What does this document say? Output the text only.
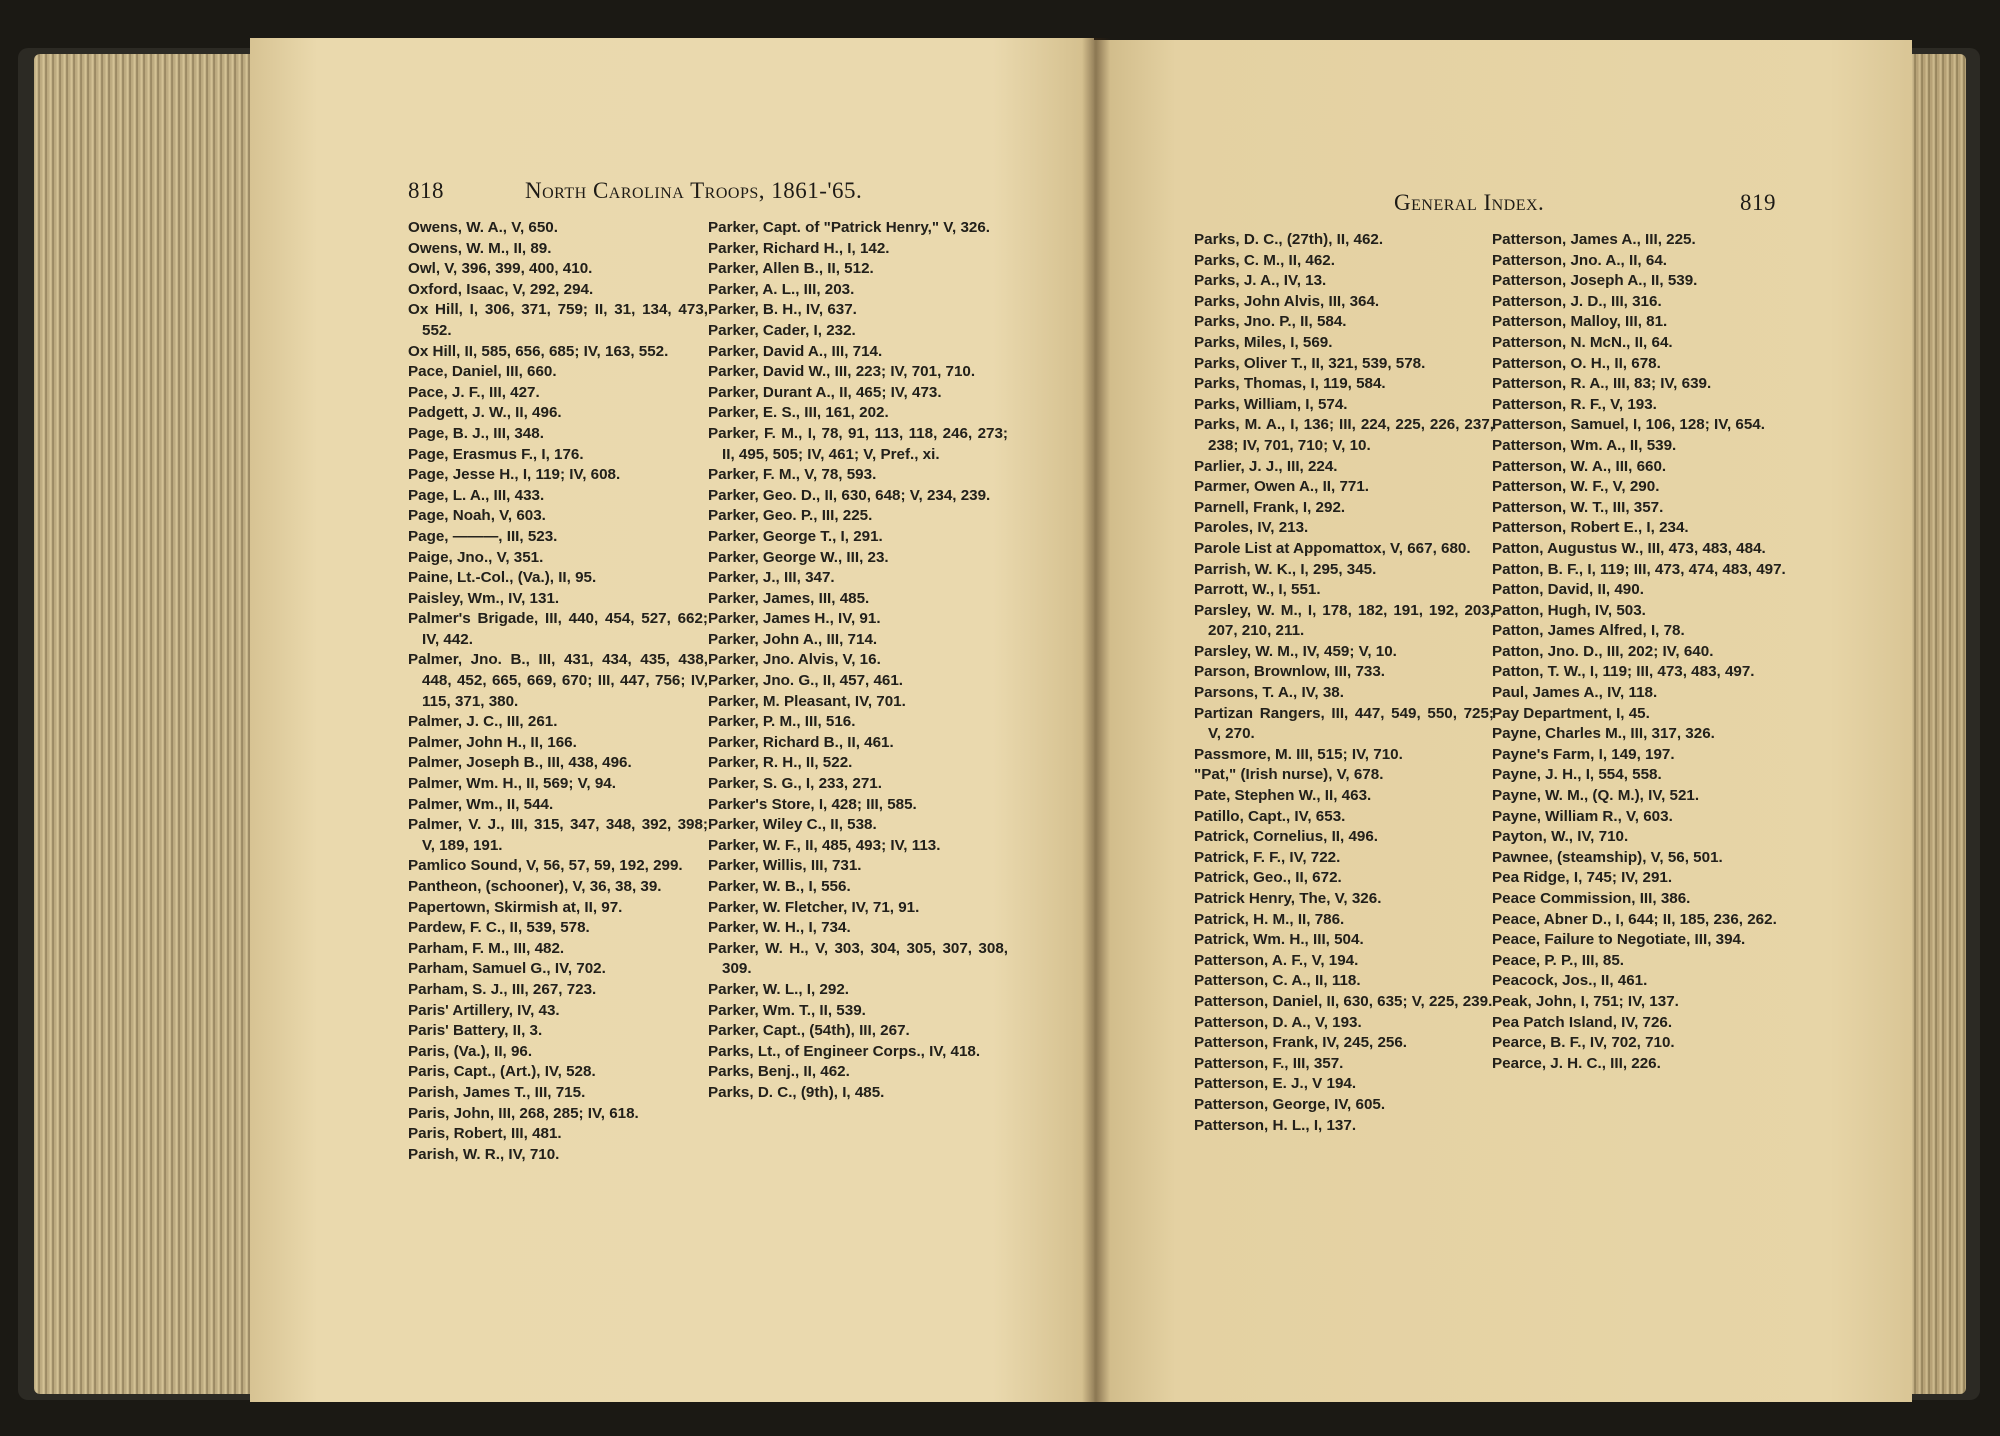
818	North Carolina Troops, 1861-'65.

Owens, W. A., V, 650.

Owens, W. M., II, 89.

Owl, V, 396, 399, 400, 410.

Oxford, Isaac, V, 292, 294.

Ox Hill, I, 306, 371, 759; II, 31, 134, 473, 552.

Ox Hill, II, 585, 656, 685; IV, 163, 552.

Pace, Daniel, III, 660.

Pace, J. F., III, 427.

Padgett, J. W., II, 496.

Page, B. J., III, 348.

Page, Erasmus F., I, 176.

Page, Jesse H., I, 119; IV, 608.

Page, L. A., III, 433.

Page, Noah, V, 603.

Page, ———, III, 523.

Paige, Jno., V, 351.

Paine, Lt.-Col., (Va.), II, 95.

Paisley, Wm., IV, 131.

Palmer's Brigade, III, 440, 454, 527, 662; IV, 442.

Palmer, Jno. B., III, 431, 434, 435, 438, 448, 452, 665, 669, 670; III, 447, 756; IV, 115, 371, 380.

Palmer, J. C., III, 261.

Palmer, John H., II, 166.

Palmer, Joseph B., III, 438, 496.

Palmer, Wm. H., II, 569; V, 94.

Palmer, Wm., II, 544.

Palmer, V. J., III, 315, 347, 348, 392, 398; V, 189, 191.

Pamlico Sound, V, 56, 57, 59, 192, 299.

Pantheon, (schooner), V, 36, 38, 39.

Papertown, Skirmish at, II, 97.

Pardew, F. C., II, 539, 578.

Parham, F. M., III, 482.

Parham, Samuel G., IV, 702.

Parham, S. J., III, 267, 723.

Paris' Artillery, IV, 43.

Paris' Battery, II, 3.

Paris, (Va.), II, 96.

Paris, Capt., (Art.), IV, 528.

Parish, James T., III, 715.

Paris, John, III, 268, 285; IV, 618.

Paris, Robert, III, 481.

Parish, W. R., IV, 710.

Parker, Capt. of "Patrick Henry," V, 326.

Parker, Richard H., I, 142.

Parker, Allen B., II, 512.

Parker, A. L., III, 203.

Parker, B. H., IV, 637.

Parker, Cader, I, 232.

Parker, David A., III, 714.

Parker, David W., III, 223; IV, 701, 710.

Parker, Durant A., II, 465; IV, 473.

Parker, E. S., III, 161, 202.

Parker, F. M., I, 78, 91, 113, 118, 246, 273; II, 495, 505; IV, 461; V, Pref., xi.

Parker, F. M., V, 78, 593.

Parker, Geo. D., II, 630, 648; V, 234, 239.

Parker, Geo. P., III, 225.

Parker, George T., I, 291.

Parker, George W., III, 23.

Parker, J., III, 347.

Parker, James, III, 485.

Parker, James H., IV, 91.

Parker, John A., III, 714.

Parker, Jno. Alvis, V, 16.

Parker, Jno. G., II, 457, 461.

Parker, M. Pleasant, IV, 701.

Parker, P. M., III, 516.

Parker, Richard B., II, 461.

Parker, R. H., II, 522.

Parker, S. G., I, 233, 271.

Parker's Store, I, 428; III, 585.

Parker, Wiley C., II, 538.

Parker, W. F., II, 485, 493; IV, 113.

Parker, Willis, III, 731.

Parker, W. B., I, 556.

Parker, W. Fletcher, IV, 71, 91.

Parker, W. H., I, 734.

Parker, W. H., V, 303, 304, 305, 307, 308, 309.

Parker, W. L., I, 292.

Parker, Wm. T., II, 539.

Parker, Capt., (54th), III, 267.

Parks, Lt., of Engineer Corps., IV, 418.

Parks, Benj., II, 462.

Parks, D. C., (9th), I, 485.

General Index.	819

Parks, D. C., (27th), II, 462.

Parks, C. M., II, 462.

Parks, J. A., IV, 13.

Parks, John Alvis, III, 364.

Parks, Jno. P., II, 584.

Parks, Miles, I, 569.

Parks, Oliver T., II, 321, 539, 578.

Parks, Thomas, I, 119, 584.

Parks, William, I, 574.

Parks, M. A., I, 136; III, 224, 225, 226, 237, 238; IV, 701, 710; V, 10.

Parlier, J. J., III, 224.

Parmer, Owen A., II, 771.

Parnell, Frank, I, 292.

Paroles, IV, 213.

Parole List at Appomattox, V, 667, 680.

Parrish, W. K., I, 295, 345.

Parrott, W., I, 551.

Parsley, W. M., I, 178, 182, 191, 192, 203, 207, 210, 211.

Parsley, W. M., IV, 459; V, 10.

Parson, Brownlow, III, 733.

Parsons, T. A., IV, 38.

Partizan Rangers, III, 447, 549, 550, 725; V, 270.

Passmore, M. III, 515; IV, 710.

"Pat," (Irish nurse), V, 678.

Pate, Stephen W., II, 463.

Patillo, Capt., IV, 653.

Patrick, Cornelius, II, 496.

Patrick, F. F., IV, 722.

Patrick, Geo., II, 672.

Patrick Henry, The, V, 326.

Patrick, H. M., II, 786.

Patrick, Wm. H., III, 504.

Patterson, A. F., V, 194.

Patterson, C. A., II, 118.

Patterson, Daniel, II, 630, 635; V, 225, 239.

Patterson, D. A., V, 193.

Patterson, Frank, IV, 245, 256.

Patterson, F., III, 357.

Patterson, E. J., V 194.

Patterson, George, IV, 605.

Patterson, H. L., I, 137.

Patterson, James A., III, 225.

Patterson, Jno. A., II, 64.

Patterson, Joseph A., II, 539.

Patterson, J. D., III, 316.

Patterson, Malloy, III, 81.

Patterson, N. McN., II, 64.

Patterson, O. H., II, 678.

Patterson, R. A., III, 83; IV, 639.

Patterson, R. F., V, 193.

Patterson, Samuel, I, 106, 128; IV, 654.

Patterson, Wm. A., II, 539.

Patterson, W. A., III, 660.

Patterson, W. F., V, 290.

Patterson, W. T., III, 357.

Patterson, Robert E., I, 234.

Patton, Augustus W., III, 473, 483, 484.

Patton, B. F., I, 119; III, 473, 474, 483, 497.

Patton, David, II, 490.

Patton, Hugh, IV, 503.

Patton, James Alfred, I, 78.

Patton, Jno. D., III, 202; IV, 640.

Patton, T. W., I, 119; III, 473, 483, 497.

Paul, James A., IV, 118.

Pay Department, I, 45.

Payne, Charles M., III, 317, 326.

Payne's Farm, I, 149, 197.

Payne, J. H., I, 554, 558.

Payne, W. M., (Q. M.), IV, 521.

Payne, William R., V, 603.

Payton, W., IV, 710.

Pawnee, (steamship), V, 56, 501.

Pea Ridge, I, 745; IV, 291.

Peace Commission, III, 386.

Peace, Abner D., I, 644; II, 185, 236, 262.

Peace, Failure to Negotiate, III, 394.

Peace, P. P., III, 85.

Peacock, Jos., II, 461.

Peak, John, I, 751; IV, 137.

Pea Patch Island, IV, 726.

Pearce, B. F., IV, 702, 710.

Pearce, J. H. C., III, 226.
